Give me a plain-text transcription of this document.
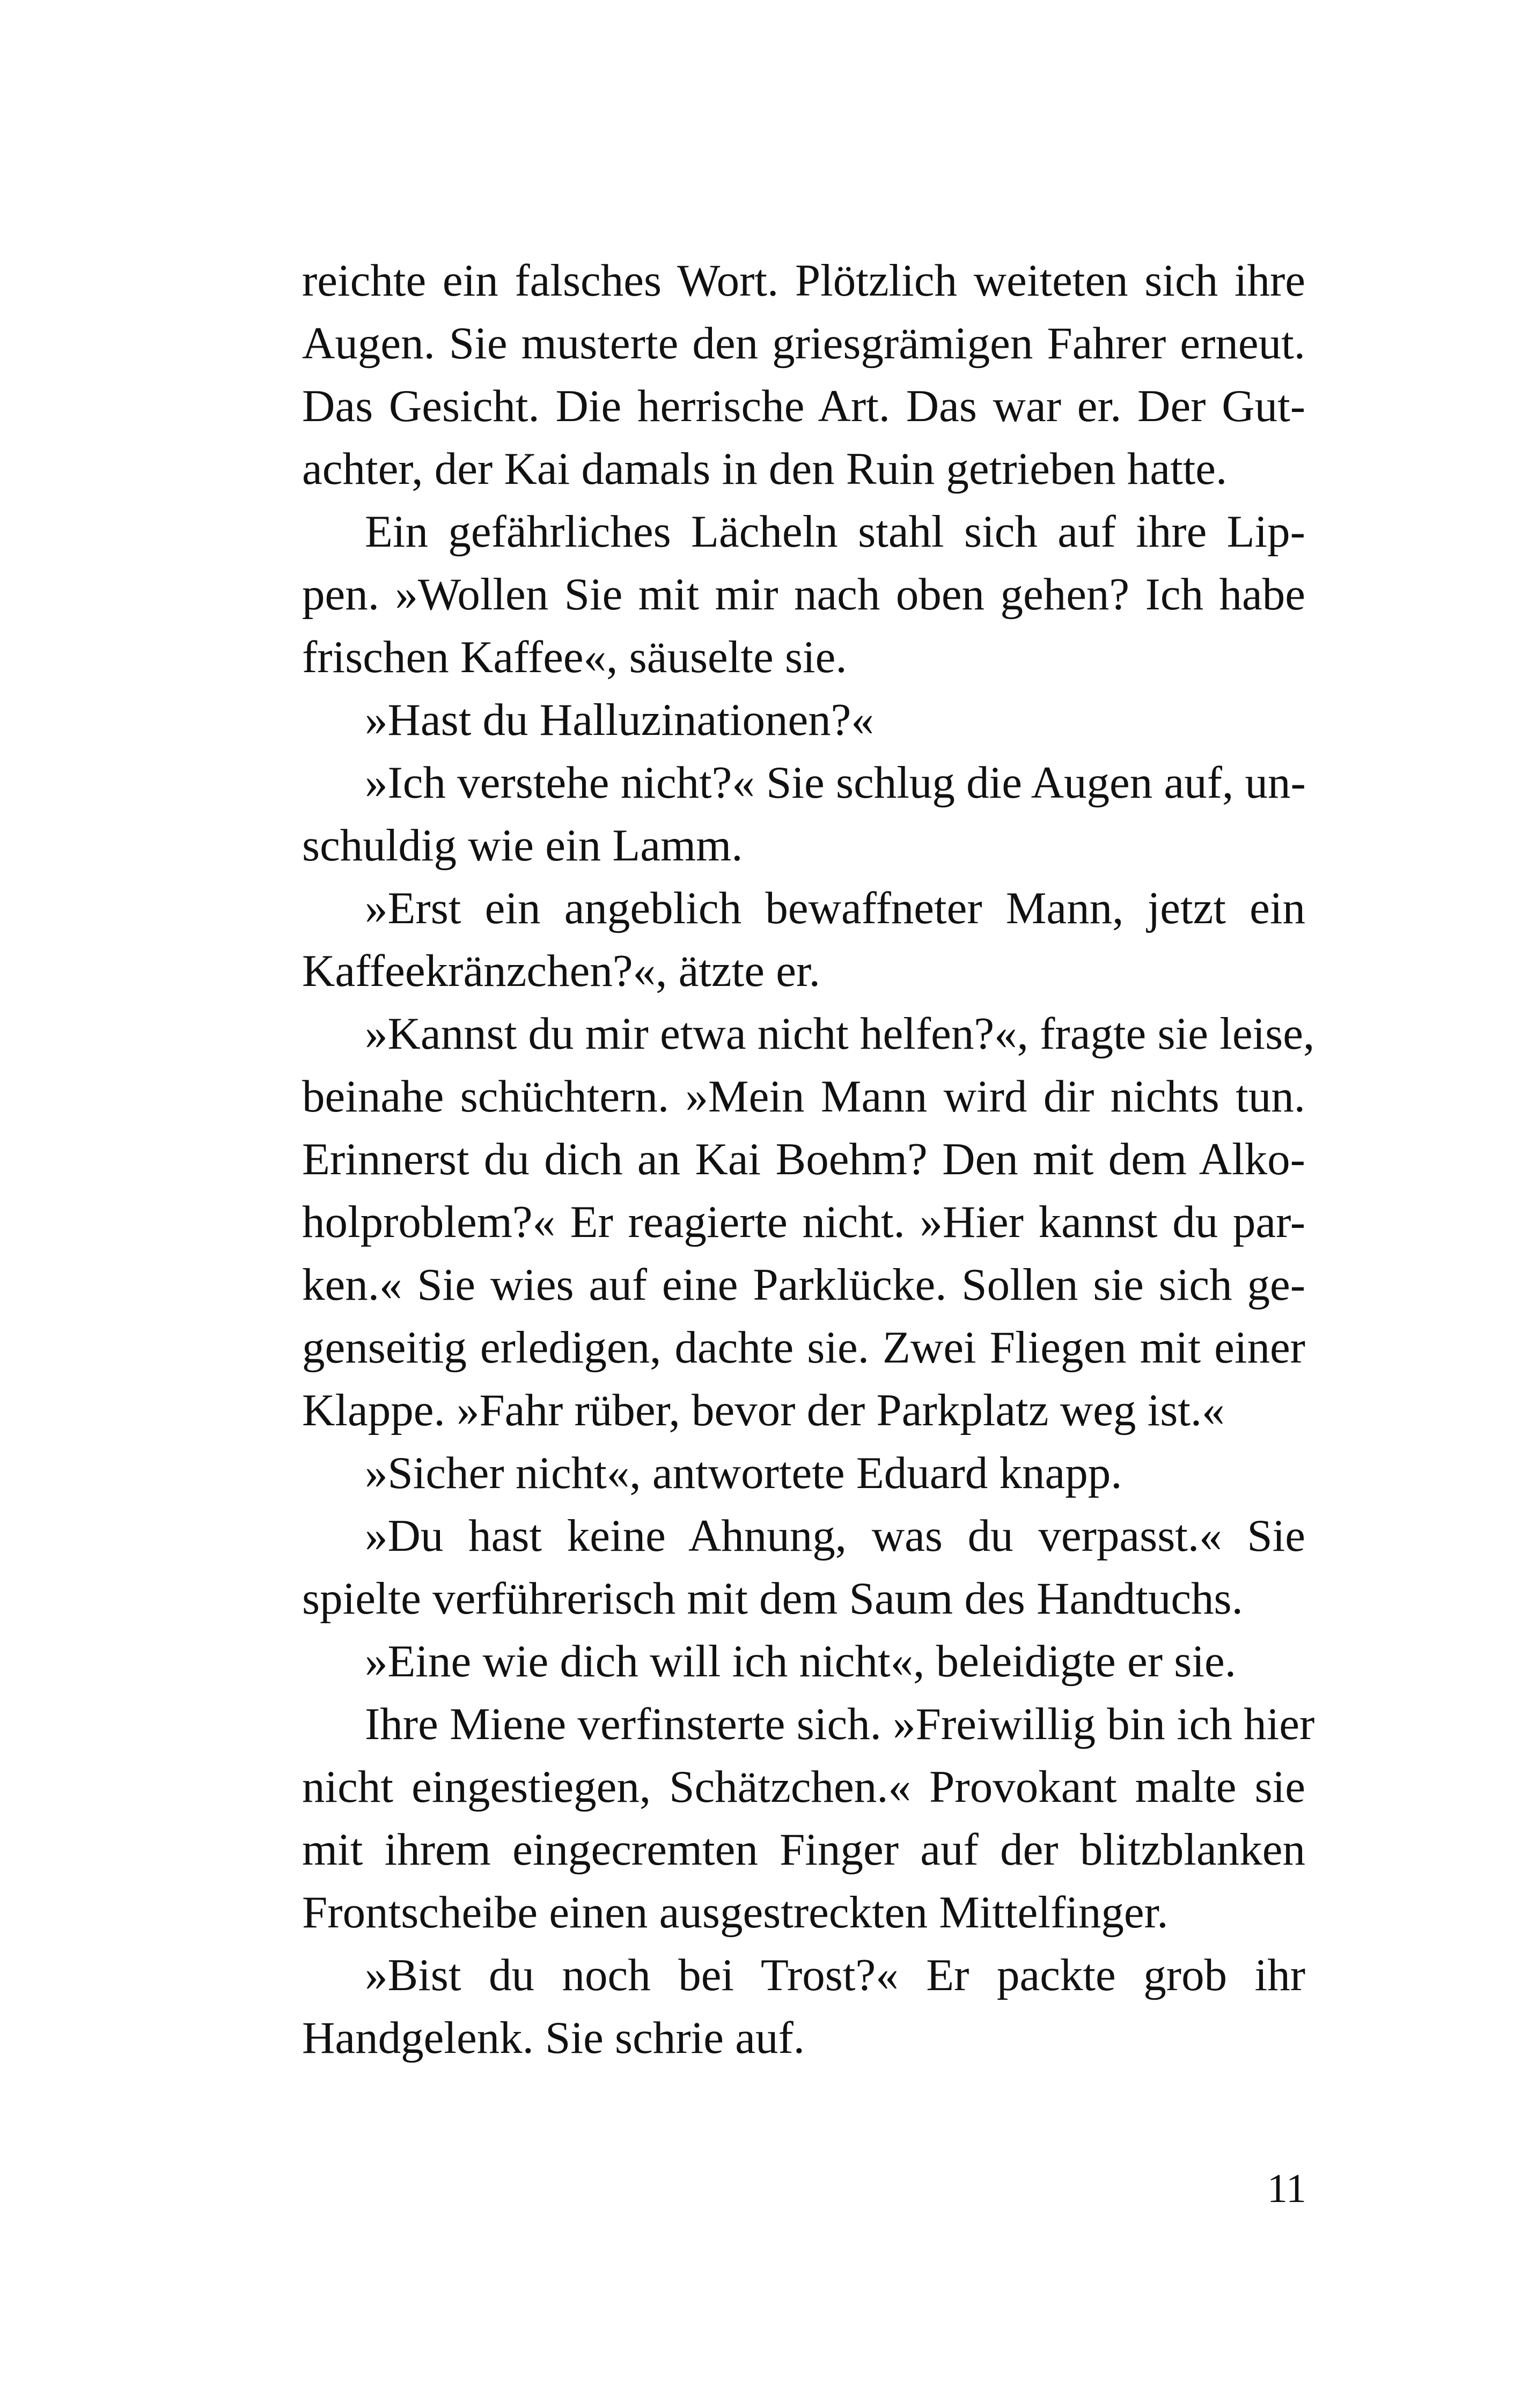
reichte ein falsches Wort. Plötzlich weiteten sich ihre
Augen. Sie musterte den griesgrämigen Fahrer erneut.
Das Gesicht. Die herrische Art. Das war er. Der Gut-
achter, der Kai damals in den Ruin getrieben hatte.
Ein gefährliches Lächeln stahl sich auf ihre Lip-
pen. »Wollen Sie mit mir nach oben gehen? Ich habe
frischen Kaffee«, säuselte sie.
»Hast du Halluzinationen?«
»Ich verstehe nicht?« Sie schlug die Augen auf, un-
schuldig wie ein Lamm.
»Erst ein angeblich bewaffneter Mann, jetzt ein
Kaffeekränzchen?«, ätzte er.
»Kannst du mir etwa nicht helfen?«, fragte sie leise,
beinahe schüchtern. »Mein Mann wird dir nichts tun.
Erinnerst du dich an Kai Boehm? Den mit dem Alko-
holproblem?« Er reagierte nicht. »Hier kannst du par-
ken.« Sie wies auf eine Parklücke. Sollen sie sich ge-
genseitig erledigen, dachte sie. Zwei Fliegen mit einer
Klappe. »Fahr rüber, bevor der Parkplatz weg ist.«
»Sicher nicht«, antwortete Eduard knapp.
»Du hast keine Ahnung, was du verpasst.« Sie
spielte verführerisch mit dem Saum des Handtuchs.
»Eine wie dich will ich nicht«, beleidigte er sie.
Ihre Miene verfinsterte sich. »Freiwillig bin ich hier
nicht eingestiegen, Schätzchen.« Provokant malte sie
mit ihrem eingecremten Finger auf der blitzblanken
Frontscheibe einen ausgestreckten Mittelfinger.
»Bist du noch bei Trost?« Er packte grob ihr
Handgelenk. Sie schrie auf.
11
